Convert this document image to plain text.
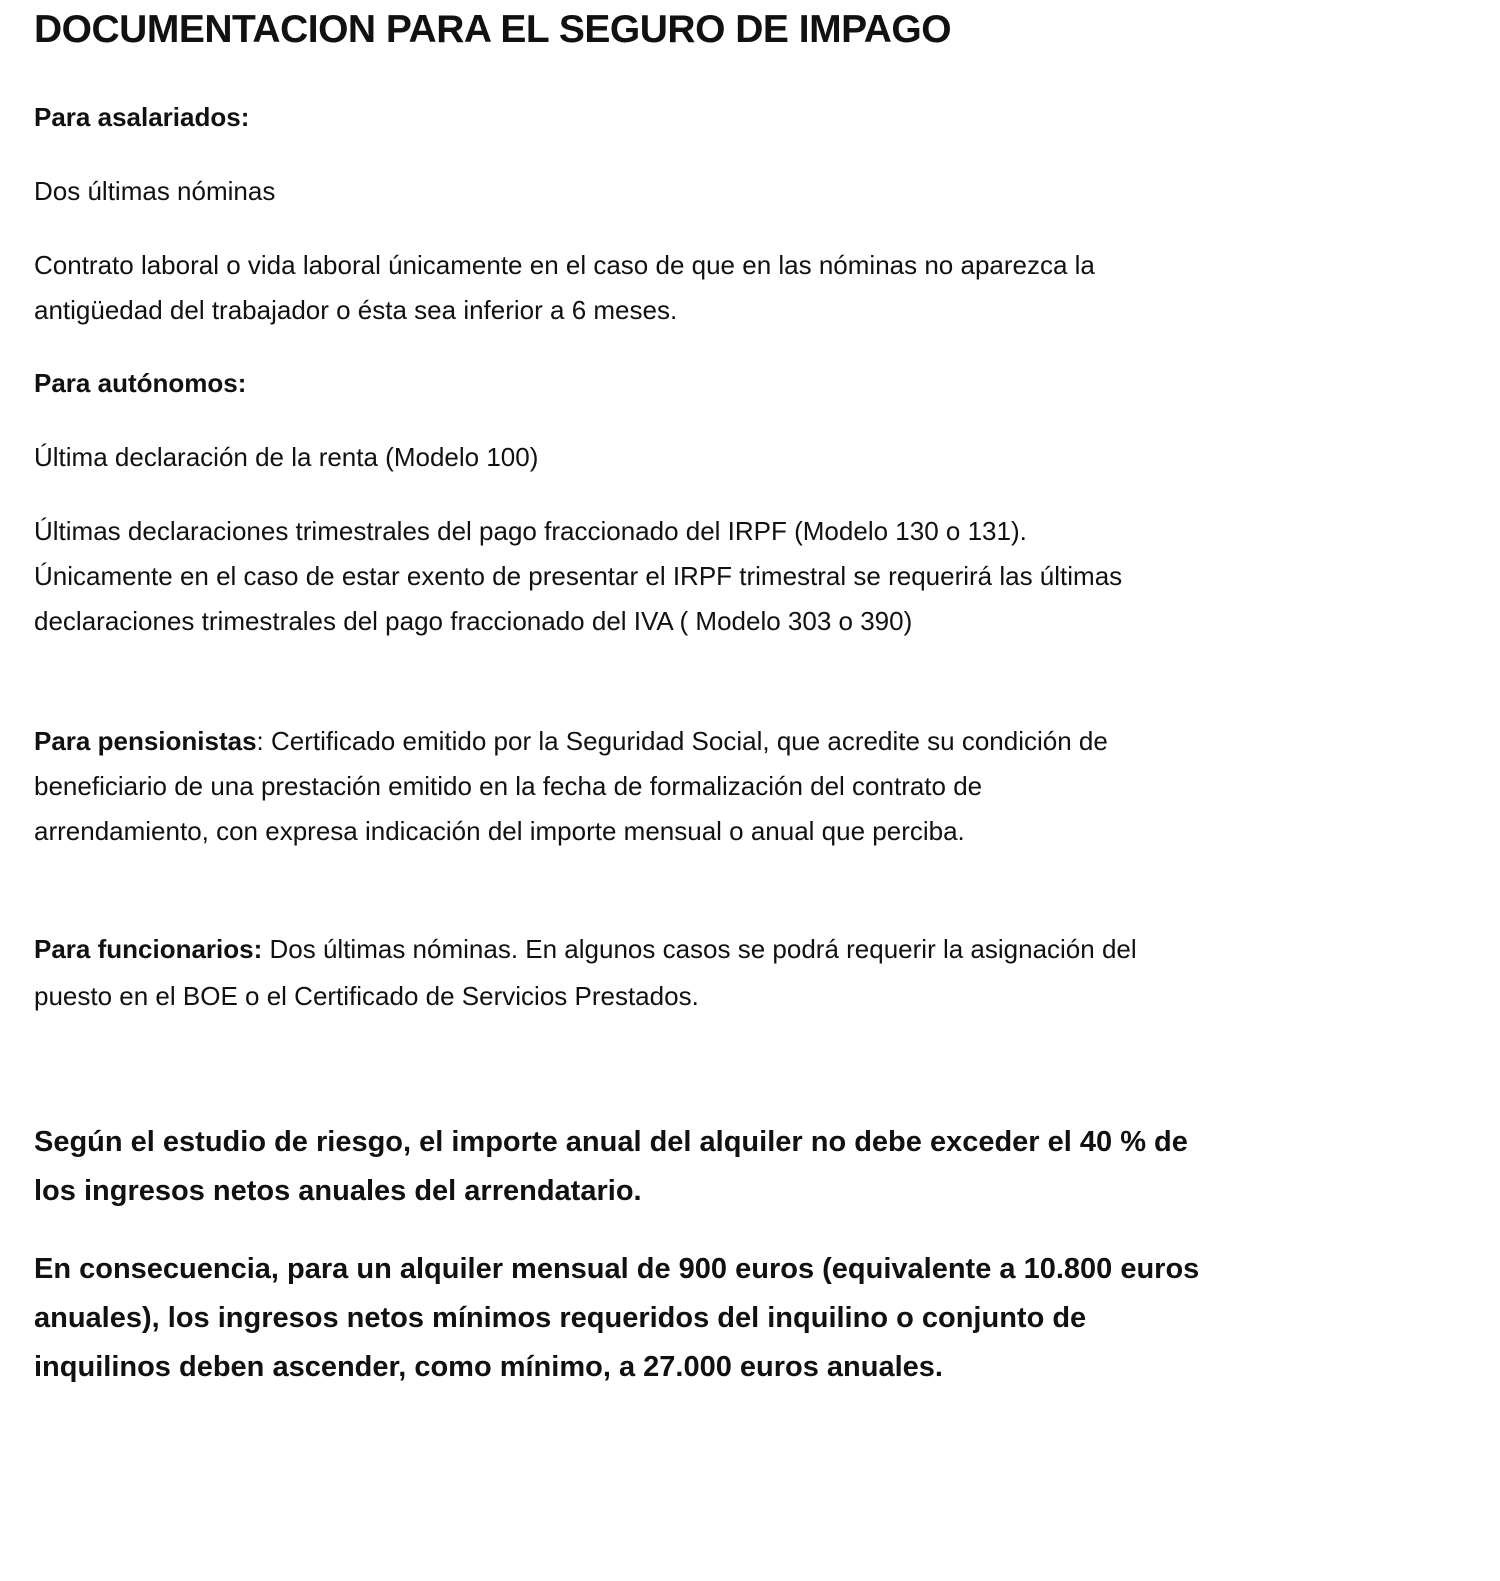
DOCUMENTACION PARA EL SEGURO DE IMPAGO

Para asalariados:

Dos últimas nóminas

Contrato laboral o vida laboral únicamente en el caso de que en las nóminas no aparezca la
antigüedad del trabajador o ésta sea inferior a 6 meses.

Para autónomos:

Última declaración de la renta (Modelo 100)

Últimas declaraciones trimestrales del pago fraccionado del IRPF (Modelo 130 o 131).
Únicamente en el caso de estar exento de presentar el IRPF trimestral se requerirá las últimas
declaraciones trimestrales del pago fraccionado del IVA ( Modelo 303 o 390)

Para pensionistas: Certificado emitido por la Seguridad Social, que acredite su condición de
beneficiario de una prestación emitido en la fecha de formalización del contrato de
arrendamiento, con expresa indicación del importe mensual o anual que perciba.

Para funcionarios: Dos últimas nóminas. En algunos casos se podrá requerir la asignación del
puesto en el BOE o el Certificado de Servicios Prestados.

Según el estudio de riesgo, el importe anual del alquiler no debe exceder el 40 % de
los ingresos netos anuales del arrendatario.

En consecuencia, para un alquiler mensual de 900 euros (equivalente a 10.800 euros
anuales), los ingresos netos mínimos requeridos del inquilino o conjunto de
inquilinos deben ascender, como mínimo, a 27.000 euros anuales.
